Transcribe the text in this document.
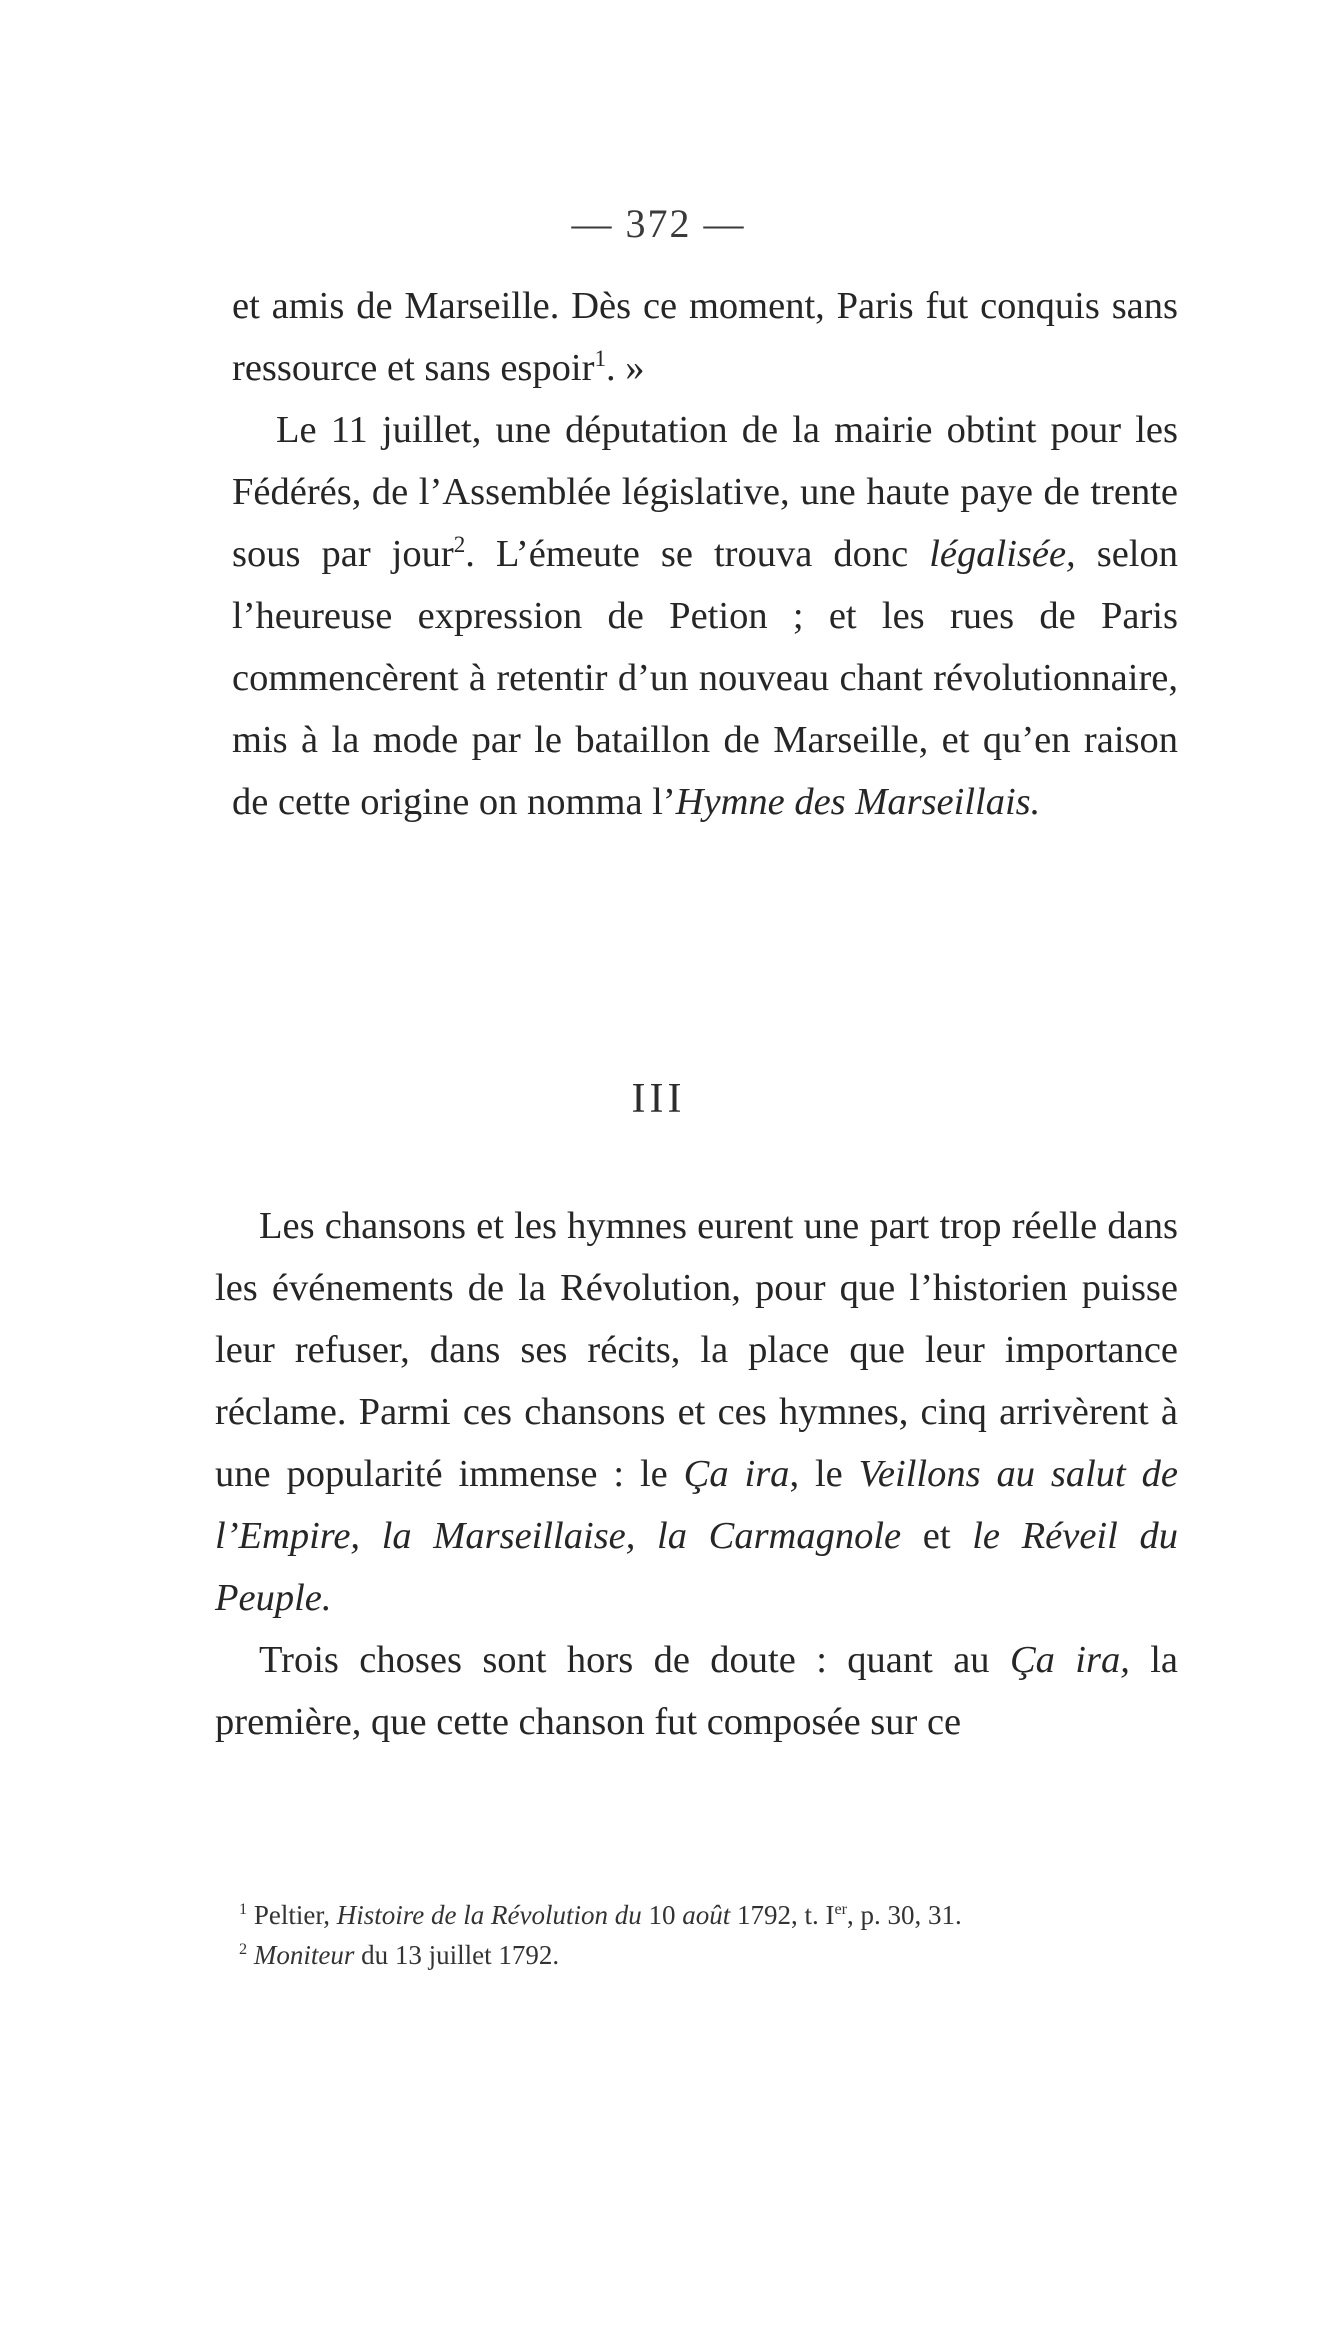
— 372 —

et amis de Marseille. Dès ce moment, Paris fut conquis sans ressource et sans espoir$^1$. »

Le 11 juillet, une députation de la mairie obtint pour les Fédérés, de l’Assemblée législative, une haute paye de trente sous par jour$^2$. L’émeute se trouva donc légalisée, selon l’heureuse expression de Petion ; et les rues de Paris commencèrent à retentir d’un nouveau chant révolutionnaire, mis à la mode par le bataillon de Marseille, et qu’en raison de cette origine on nomma l’Hymne des Marseillais.

III

Les chansons et les hymnes eurent une part trop réelle dans les événements de la Révolution, pour que l’historien puisse leur refuser, dans ses récits, la place que leur importance réclame. Parmi ces chansons et ces hymnes, cinq arrivèrent à une popularité immense : le Ça ira, le Veillons au salut de l’Empire, la Marseillaise, la Carmagnole et le Réveil du Peuple.

Trois choses sont hors de doute : quant au Ça ira, la première, que cette chanson fut composée sur ce

$^1$ Peltier, Histoire de la Révolution du 10 août 1792, t. Ier, p. 30, 31.

$^2$ Moniteur du 13 juillet 1792.
